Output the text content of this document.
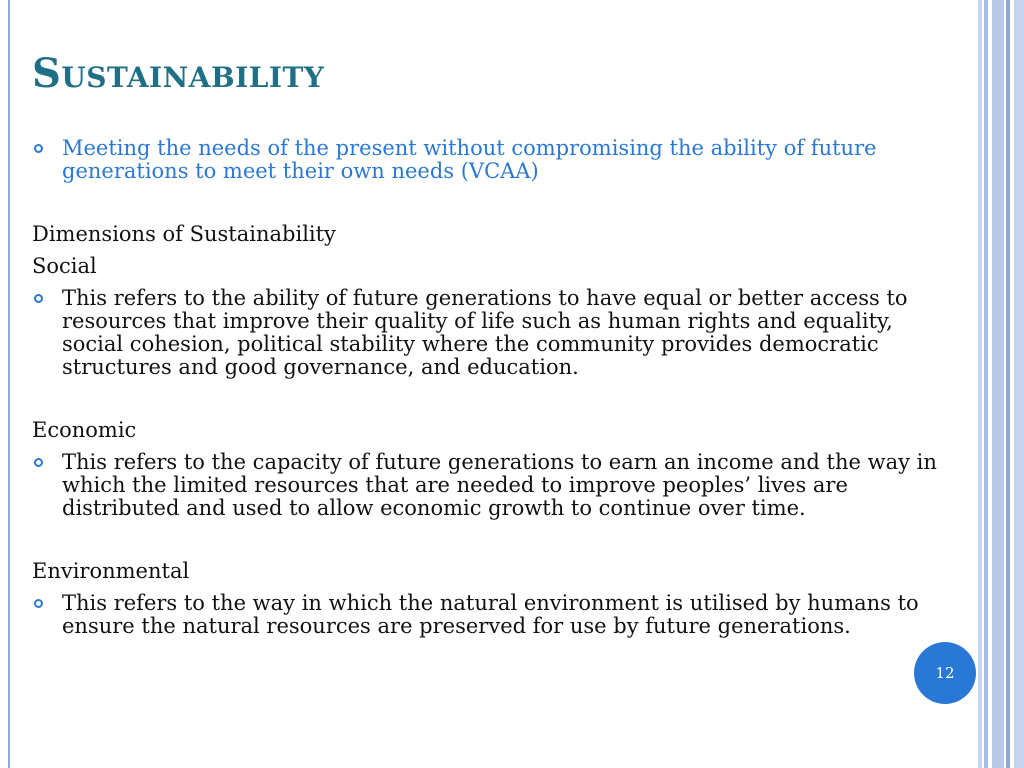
Sustainability
Meeting the needs of the present without compromising the ability of future generations to meet their own needs (VCAA)
Dimensions of Sustainability
Social
This refers to the ability of future generations to have equal or better access to resources that improve their quality of life such as human rights and equality, social cohesion, political stability where the community provides democratic structures and good governance, and education.
Economic
This refers to the capacity of future generations to earn an income and the way in which the limited resources that are needed to improve peoples’ lives are distributed and used to allow economic growth to continue over time.
Environmental
This refers to the way in which the natural environment is utilised by humans to ensure the natural resources are preserved for use by future generations.
12
